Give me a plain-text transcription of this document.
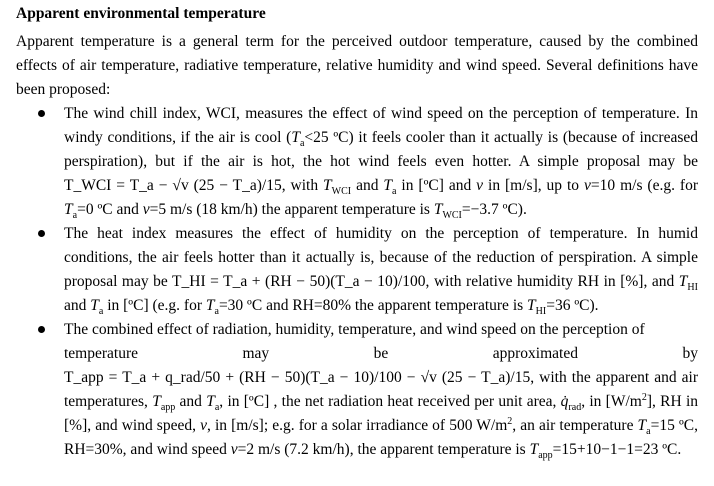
Apparent environmental temperature

Apparent temperature is a general term for the perceived outdoor temperature, caused by the combined effects of air temperature, radiative temperature, relative humidity and wind speed. Several definitions have been proposed:

The wind chill index, WCI, measures the effect of wind speed on the perception of temperature. In windy conditions, if the air is cool ($T_a<25$ ºC) it feels cooler than it actually is (because of increased perspiration), but if the air is hot, the hot wind feels even hotter. A simple proposal may be T_WCI = T_a − √v (25 − T_a)/15, with $T_{WCI}$ and $T_a$ in [ºC] and v in [m/s], up to v=10 m/s (e.g. for $T_a=0$ ºC and v=5 m/s (18 km/h) the apparent temperature is $T_{WCI}=-3.7$ ºC).
The heat index measures the effect of humidity on the perception of temperature. In humid conditions, the air feels hotter than it actually is, because of the reduction of perspiration. A simple proposal may be T_HI = T_a + (RH − 50)(T_a − 10)/100, with relative humidity RH in [%], and $T_{HI}$ and $T_a$ in [ºC] (e.g. for $T_a=30$ ºC and RH=80% the apparent temperature is $T_{HI}=36$ ºC).
The combined effect of radiation, humidity, temperature, and wind speed on the perception of
temperature	may	be	approximated	by
T_app = T_a + q_rad/50 + (RH − 50)(T_a − 10)/100 − √v (25 − T_a)/15, with the apparent and air temperatures, $T_{app}$ and $T_a$, in [ºC] , the net radiation heat received per unit area, $q̇_{rad}$, in $[W/m^2]$, RH in [%], and wind speed, v, in [m/s]; e.g. for a solar irradiance of 500 $W/m^2$, an air temperature $T_a=15$ ºC, RH=30%, and wind speed v=2 m/s (7.2 km/h), the apparent temperature is $T_{app}=15+10-1-1=23$ ºC.
